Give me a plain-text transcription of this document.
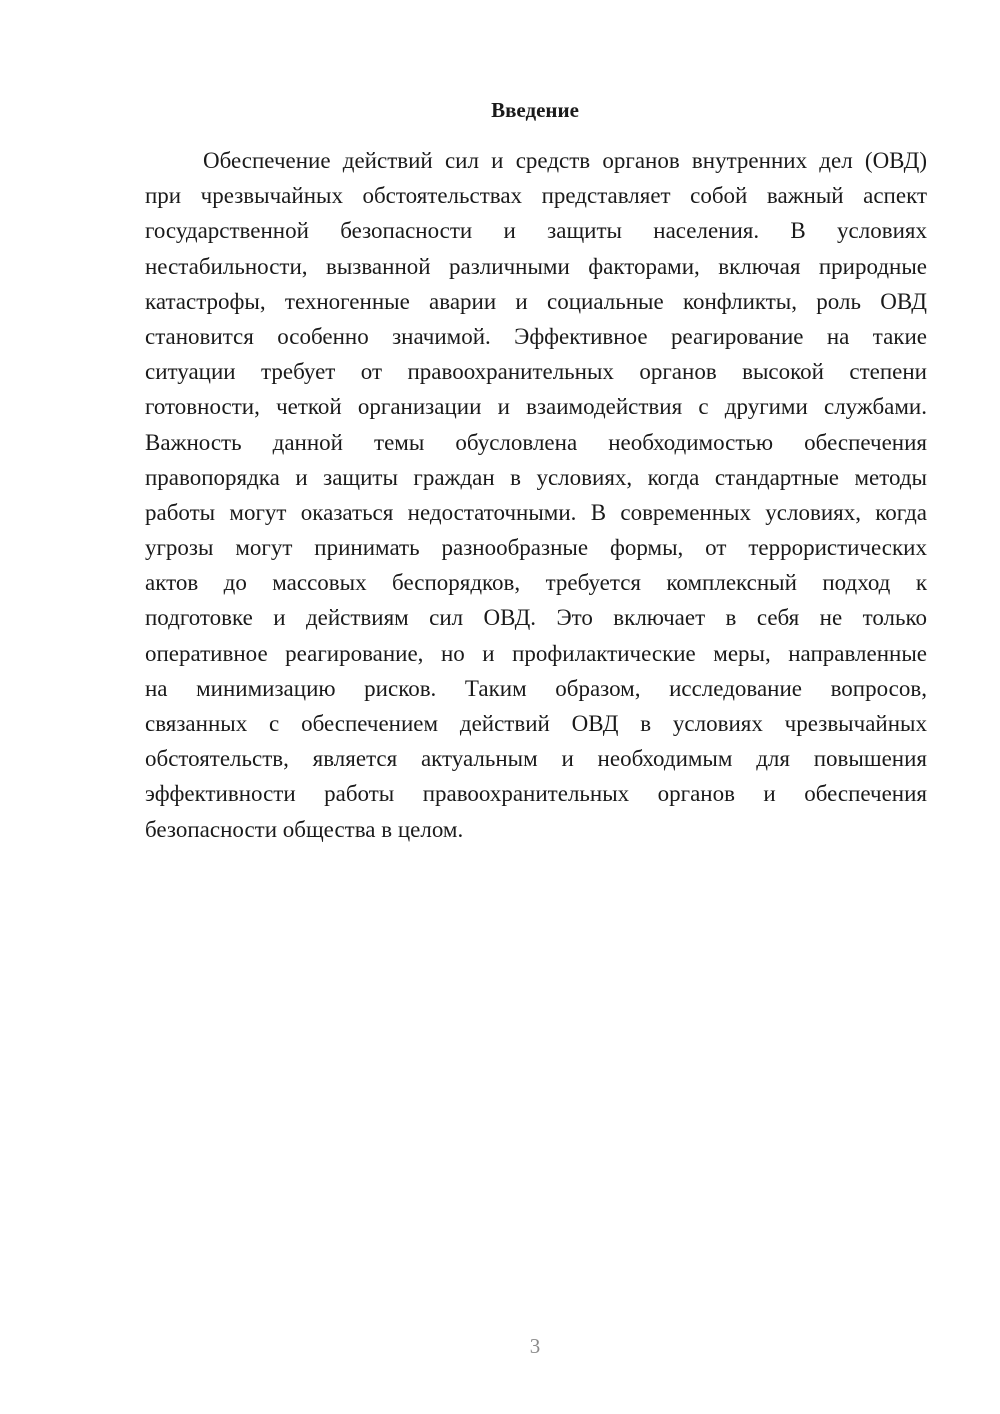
Введение
Обеспечение действий сил и средств органов внутренних дел (ОВД)
при чрезвычайных обстоятельствах представляет собой важный аспект
государственной безопасности и защиты населения. В условиях
нестабильности, вызванной различными факторами, включая природные
катастрофы, техногенные аварии и социальные конфликты, роль ОВД
становится особенно значимой. Эффективное реагирование на такие
ситуации требует от правоохранительных органов высокой степени
готовности, четкой организации и взаимодействия с другими службами.
Важность данной темы обусловлена необходимостью обеспечения
правопорядка и защиты граждан в условиях, когда стандартные методы
работы могут оказаться недостаточными. В современных условиях, когда
угрозы могут принимать разнообразные формы, от террористических
актов до массовых беспорядков, требуется комплексный подход к
подготовке и действиям сил ОВД. Это включает в себя не только
оперативное реагирование, но и профилактические меры, направленные
на минимизацию рисков. Таким образом, исследование вопросов,
связанных с обеспечением действий ОВД в условиях чрезвычайных
обстоятельств, является актуальным и необходимым для повышения
эффективности работы правоохранительных органов и обеспечения
безопасности общества в целом.
3
